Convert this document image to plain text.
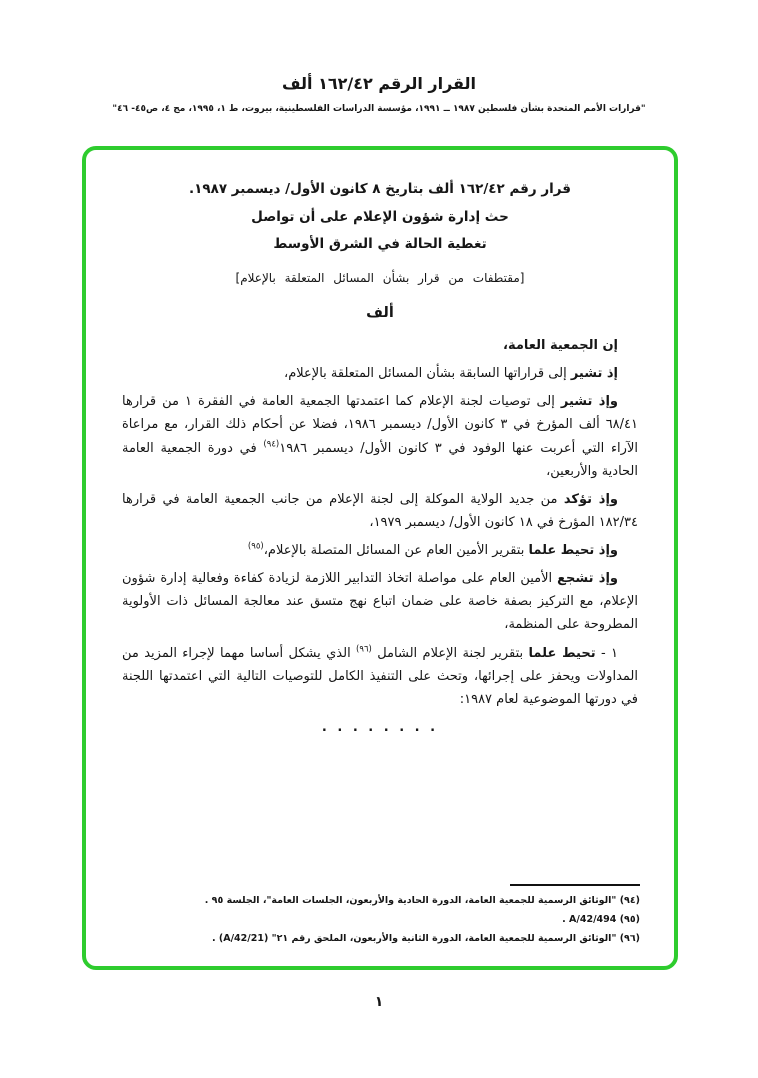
القرار الرقم ١٦٢/٤٢ ألف
"قرارات الأمم المتحدة بشأن فلسطين ١٩٨٧ ــ ١٩٩١، مؤسسة الدراسات الفلسطينية، بيروت، ط ١، ١٩٩٥، مج ٤، ص٤٥- ٤٦"
قرار رقم ١٦٢/٤٢ ألف بتاريخ ٨ كانون الأول/ ديسمبر ١٩٨٧.
حث إدارة شؤون الإعلام على أن تواصل
تغطية الحالة في الشرق الأوسط
[مقتطفات من قرار بشأن المسائل المتعلقة بالإعلام]
ألف

إن الجمعية العامة،

إذ تشير إلى قراراتها السابقة بشأن المسائل المتعلقة بالإعلام،

وإذ تشير إلى توصيات لجنة الإعلام كما اعتمدتها الجمعية العامة في الفقرة ١ من قرارها ٦٨/٤١ ألف المؤرخ في ٣ كانون الأول/ ديسمبر ١٩٨٦، فضلا عن أحكام ذلك القرار، مع مراعاة الآراء التي أعربت عنها الوفود في ٣ كانون الأول/ ديسمبر ١٩٨٦$^{(٩٤)}$ في دورة الجمعية العامة الحادية والأربعين،

وإذ تؤكد من جديد الولاية الموكلة إلى لجنة الإعلام من جانب الجمعية العامة في قرارها ١٨٢/٣٤ المؤرخ في ١٨ كانون الأول/ ديسمبر ١٩٧٩،

وإذ تحيط علما بتقرير الأمين العام عن المسائل المتصلة بالإعلام،$^{(٩٥)}$

وإذ تشجع الأمين العام على مواصلة اتخاذ التدابير اللازمة لزيادة كفاءة وفعالية إدارة شؤون الإعلام، مع التركيز بصفة خاصة على ضمان اتباع نهج متسق عند معالجة المسائل ذات الأولوية المطروحة على المنظمة،

١ - تحيط علما بتقرير لجنة الإعلام الشامل $^{(٩٦)}$ الذي يشكل أساسا مهما لإجراء المزيد من المداولات ويحفز على إجرائها، وتحث على التنفيذ الكامل للتوصيات التالية التي اعتمدتها اللجنة في دورتها الموضوعية لعام ١٩٨٧:

. . . . . . . .
(٩٤) "الوثائق الرسمية للجمعية العامة، الدورة الحادية والأربعون، الجلسات العامة"، الجلسة ٩٥ .
(٩٥) A/42/494 .
(٩٦) "الوثائق الرسمية للجمعية العامة، الدورة الثانية والأربعون، الملحق رقم ٢١" (A/42/21) .
١
